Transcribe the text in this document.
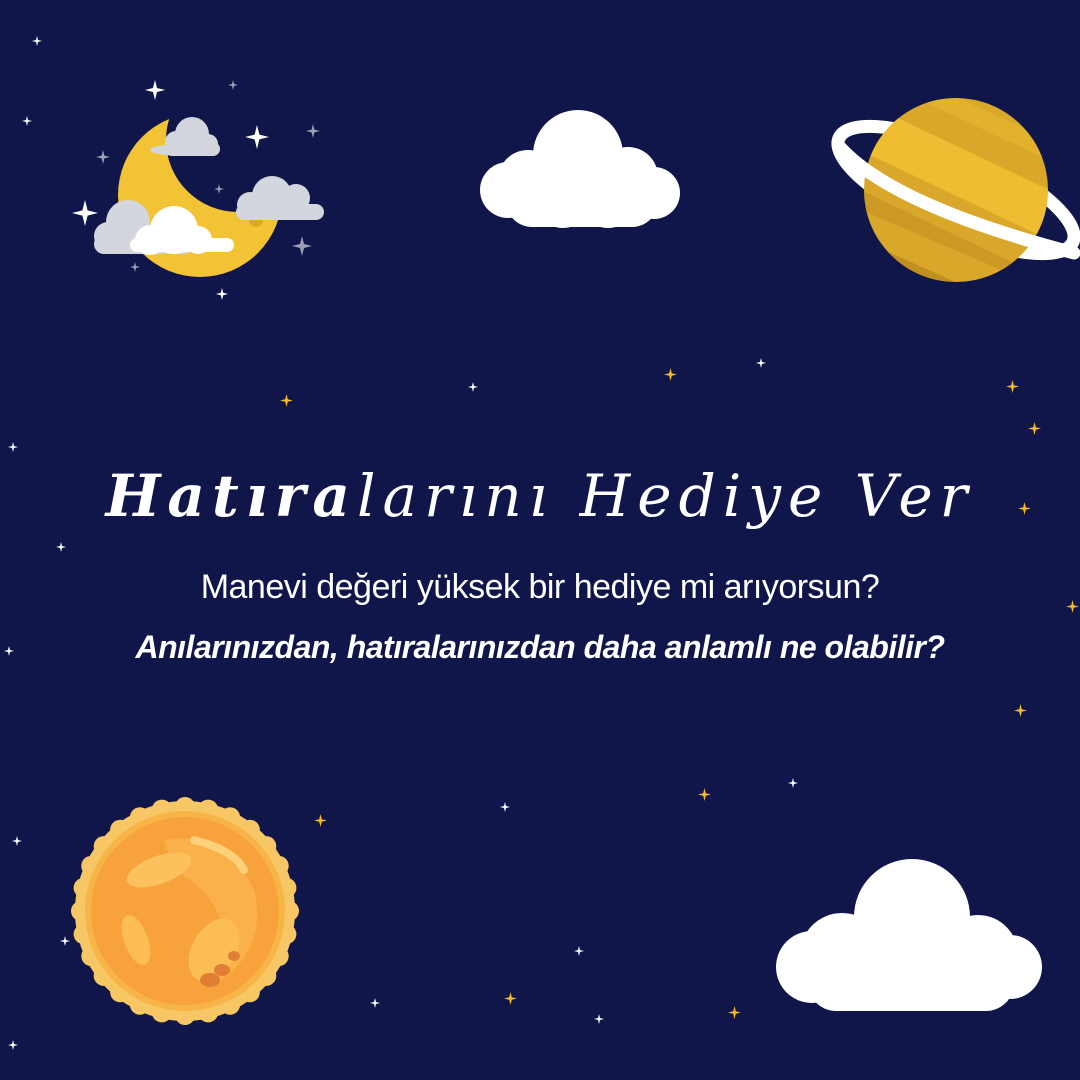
Hatıralarını Hediye Ver
Manevi değeri yüksek bir hediye mi arıyorsun?
Anılarınızdan, hatıralarınızdan daha anlamlı ne olabilir?
